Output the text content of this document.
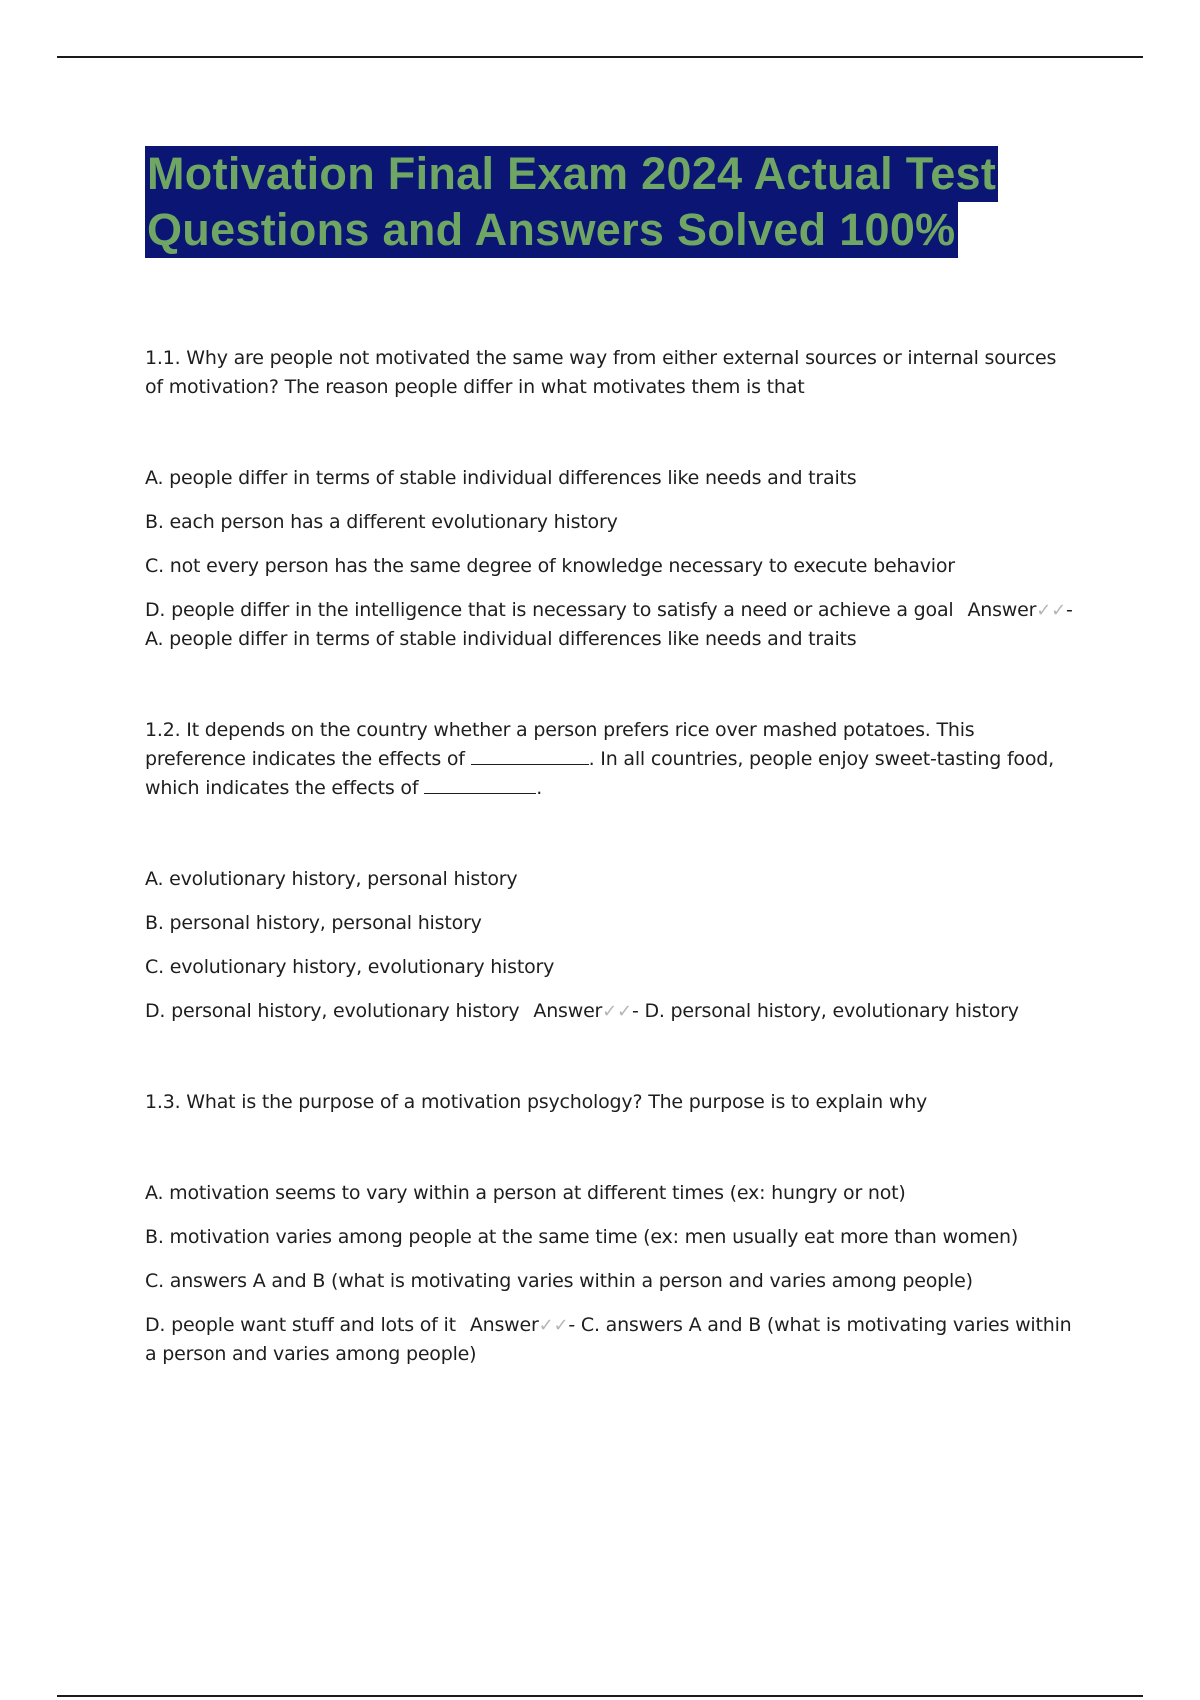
Motivation Final Exam 2024 Actual Test
Questions and Answers Solved 100%

1.1. Why are people not motivated the same way from either external sources or internal sources of motivation? The reason people differ in what motivates them is that

A. people differ in terms of stable individual differences like needs and traits

B. each person has a different evolutionary history

C. not every person has the same degree of knowledge necessary to execute behavior

D. people differ in the intelligence that is necessary to satisfy a need or achieve a goal Answer✓✓- A. people differ in terms of stable individual differences like needs and traits

1.2. It depends on the country whether a person prefers rice over mashed potatoes. This preference indicates the effects of	. In all countries, people enjoy sweet-tasting food, which indicates the effects of	.

A. evolutionary history, personal history

B. personal history, personal history

C. evolutionary history, evolutionary history

D. personal history, evolutionary history Answer✓✓- D. personal history, evolutionary history

1.3. What is the purpose of a motivation psychology? The purpose is to explain why

A. motivation seems to vary within a person at different times (ex: hungry or not)

B. motivation varies among people at the same time (ex: men usually eat more than women)

C. answers A and B (what is motivating varies within a person and varies among people)

D. people want stuff and lots of it Answer✓✓- C. answers A and B (what is motivating varies within a person and varies among people)
